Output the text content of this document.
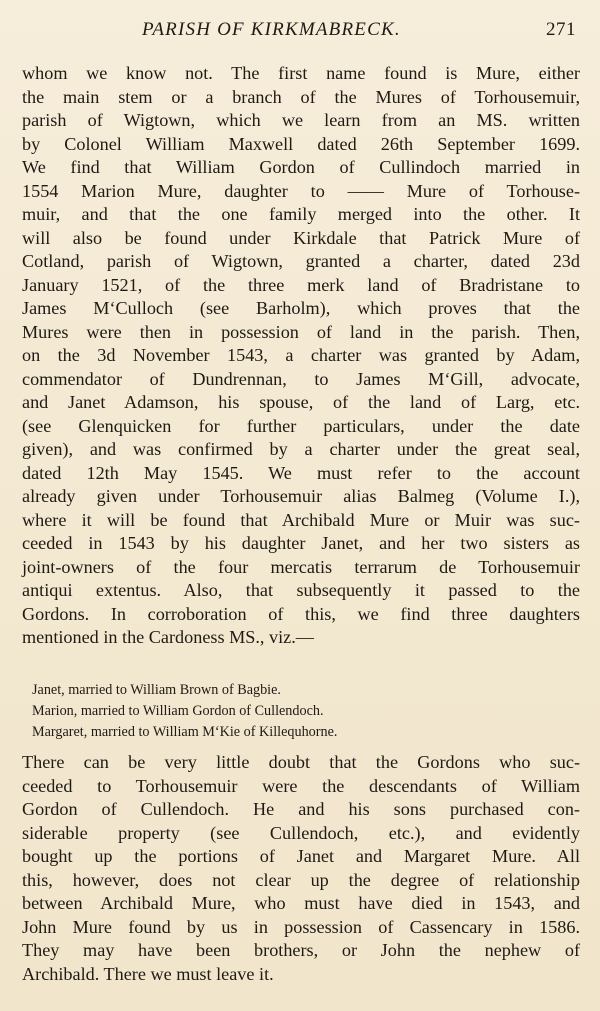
PARISH OF KIRKMABRECK.	271
whom we know not. The first name found is Mure, either
the main stem or a branch of the Mures of Torhousemuir,
parish of Wigtown, which we learn from an MS. written
by Colonel William Maxwell dated 26th September 1699.
We find that William Gordon of Cullindoch married in
1554 Marion Mure, daughter to —— Mure of Torhouse-
muir, and that the one family merged into the other. It
will also be found under Kirkdale that Patrick Mure of
Cotland, parish of Wigtown, granted a charter, dated 23d
January 1521, of the three merk land of Bradristane to
James M‘Culloch (see Barholm), which proves that the
Mures were then in possession of land in the parish. Then,
on the 3d November 1543, a charter was granted by Adam,
commendator of Dundrennan, to James M‘Gill, advocate,
and Janet Adamson, his spouse, of the land of Larg, etc.
(see Glenquicken for further particulars, under the date
given), and was confirmed by a charter under the great seal,
dated 12th May 1545. We must refer to the account
already given under Torhousemuir alias Balmeg (Volume I.),
where it will be found that Archibald Mure or Muir was suc-
ceeded in 1543 by his daughter Janet, and her two sisters as
joint-owners of the four mercatis terrarum de Torhousemuir
antiqui extentus. Also, that subsequently it passed to the
Gordons. In corroboration of this, we find three daughters
mentioned in the Cardoness MS., viz.—
Janet, married to William Brown of Bagbie.
Marion, married to William Gordon of Cullendoch.
Margaret, married to William M‘Kie of Killequhorne.
There can be very little doubt that the Gordons who suc-
ceeded to Torhousemuir were the descendants of William
Gordon of Cullendoch. He and his sons purchased con-
siderable property (see Cullendoch, etc.), and evidently
bought up the portions of Janet and Margaret Mure. All
this, however, does not clear up the degree of relationship
between Archibald Mure, who must have died in 1543, and
John Mure found by us in possession of Cassencary in 1586.
They may have been brothers, or John the nephew of
Archibald. There we must leave it.
